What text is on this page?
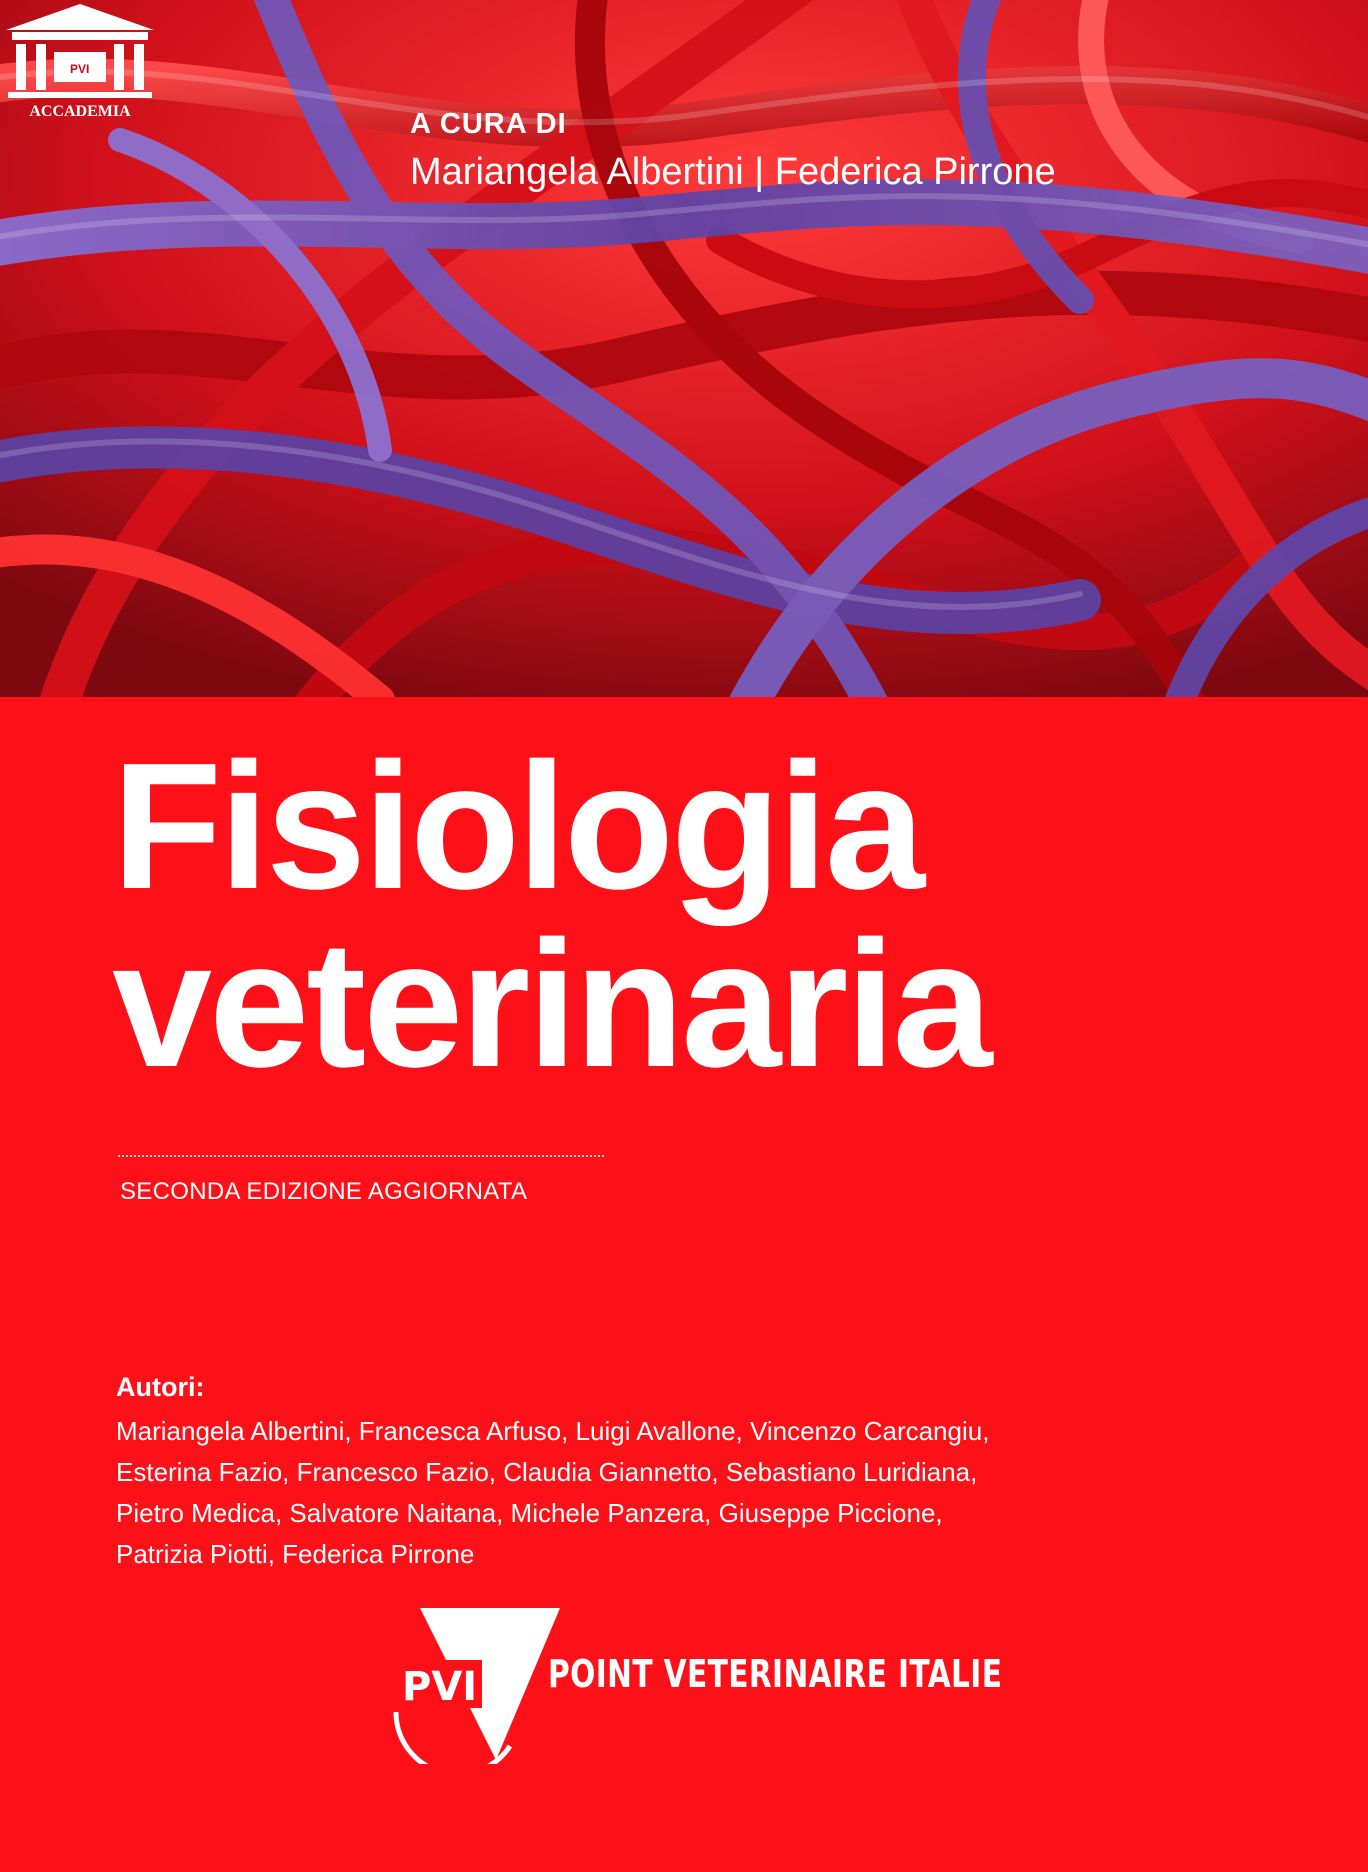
PVI
ACCADEMIA	A CURA DI
Mariangela Albertini | Federica Pirrone
Fisiologia
veterinaria
SECONDA EDIZIONE AGGIORNATA
Autori:
Mariangela Albertini, Francesca Arfuso, Luigi Avallone, Vincenzo Carcangiu,
Esterina Fazio, Francesco Fazio, Claudia Giannetto, Sebastiano Luridiana,
Pietro Medica, Salvatore Naitana, Michele Panzera, Giuseppe Piccione,
Patrizia Piotti, Federica Pirrone
PVI POINT VETERINAIRE ITALIE
